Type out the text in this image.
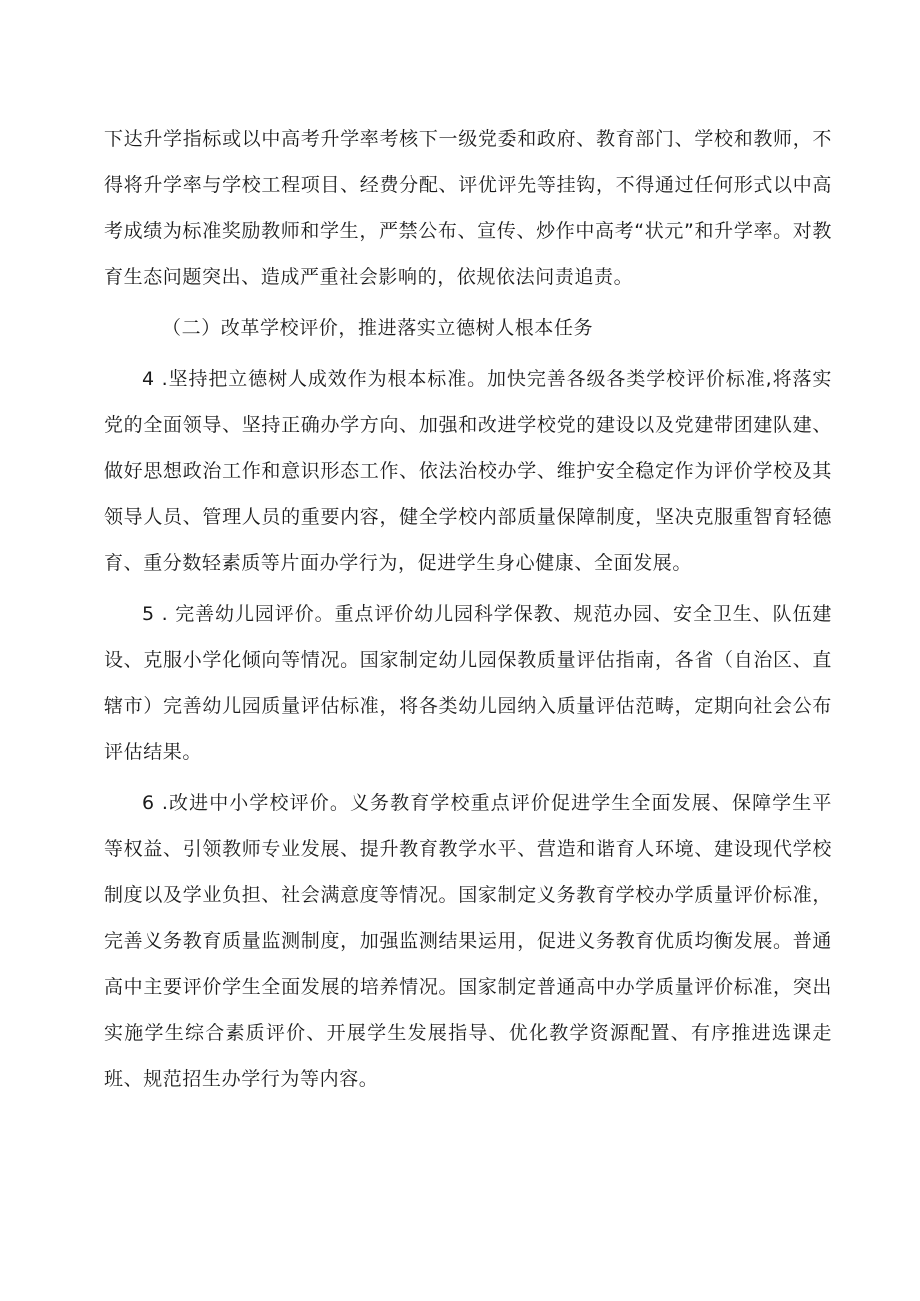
下达升学指标或以中高考升学率考核下一级党委和政府、教育部门、学校和教师，不得将升学率与学校工程项目、经费分配、评优评先等挂钩，不得通过任何形式以中高考成绩为标准奖励教师和学生，严禁公布、宣传、炒作中高考“状元”和升学率。对教育生态问题突出、造成严重社会影响的，依规依法问责追责。

（二）改革学校评价，推进落实立德树人根本任务

4 .坚持把立德树人成效作为根本标准。加快完善各级各类学校评价标准,将落实党的全面领导、坚持正确办学方向、加强和改进学校党的建设以及党建带团建队建、做好思想政治工作和意识形态工作、依法治校办学、维护安全稳定作为评价学校及其领导人员、管理人员的重要内容，健全学校内部质量保障制度，坚决克服重智育轻德育、重分数轻素质等片面办学行为，促进学生身心健康、全面发展。

5 . 完善幼儿园评价。重点评价幼儿园科学保教、规范办园、安全卫生、队伍建设、克服小学化倾向等情况。国家制定幼儿园保教质量评估指南，各省（自治区、直辖市）完善幼儿园质量评估标准，将各类幼儿园纳入质量评估范畴，定期向社会公布评估结果。

6 .改进中小学校评价。义务教育学校重点评价促进学生全面发展、保障学生平等权益、引领教师专业发展、提升教育教学水平、营造和谐育人环境、建设现代学校制度以及学业负担、社会满意度等情况。国家制定义务教育学校办学质量评价标准，完善义务教育质量监测制度，加强监测结果运用，促进义务教育优质均衡发展。普通高中主要评价学生全面发展的培养情况。国家制定普通高中办学质量评价标准，突出实施学生综合素质评价、开展学生发展指导、优化教学资源配置、有序推进选课走班、规范招生办学行为等内容。
